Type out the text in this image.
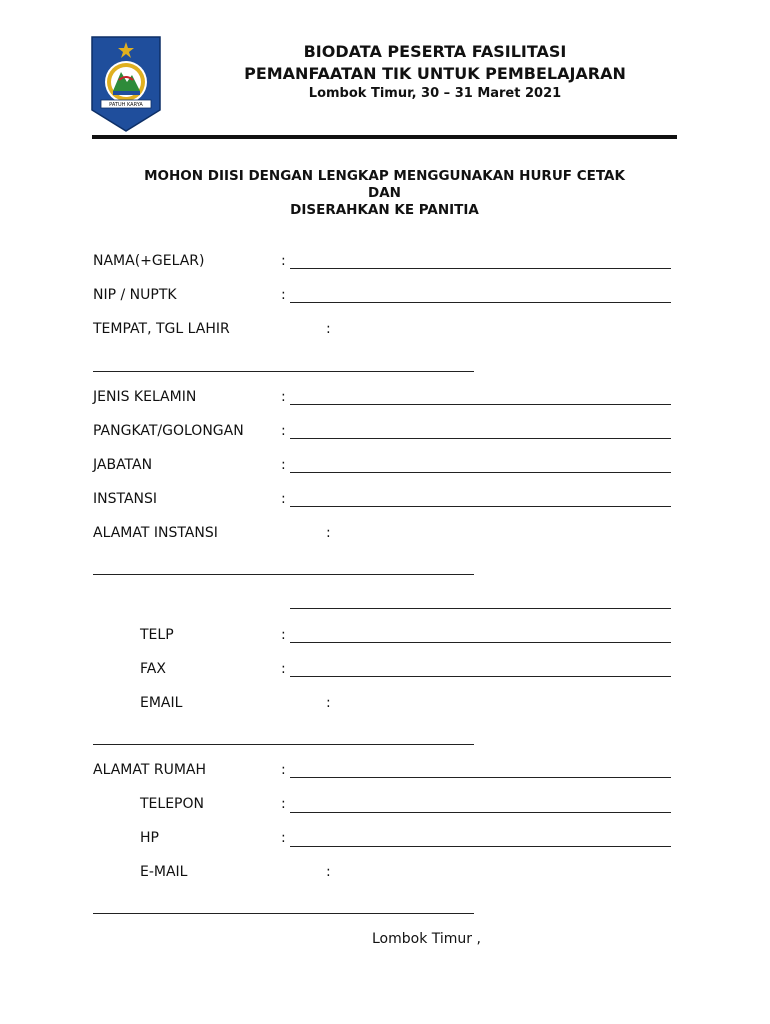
PATUH KARYA
BIODATA PESERTA FASILITASI
PEMANFAATAN TIK UNTUK PEMBELAJARAN
Lombok Timur, 30 – 31 Maret 2021
MOHON DIISI DENGAN LENGKAP MENGGUNAKAN HURUF CETAK
DAN
DISERAHKAN KE PANITIA
NAMA(+GELAR)	:
NIP / NUPTK	:
TEMPAT, TGL LAHIR	:
JENIS KELAMIN	:
PANGKAT/GOLONGAN	:
JABATAN	:
INSTANSI	:
ALAMAT INSTANSI	:
TELP	:
FAX	:
EMAIL	:
ALAMAT RUMAH	:
TELEPON	:
HP	:
E-MAIL	:
Lombok Timur ,
